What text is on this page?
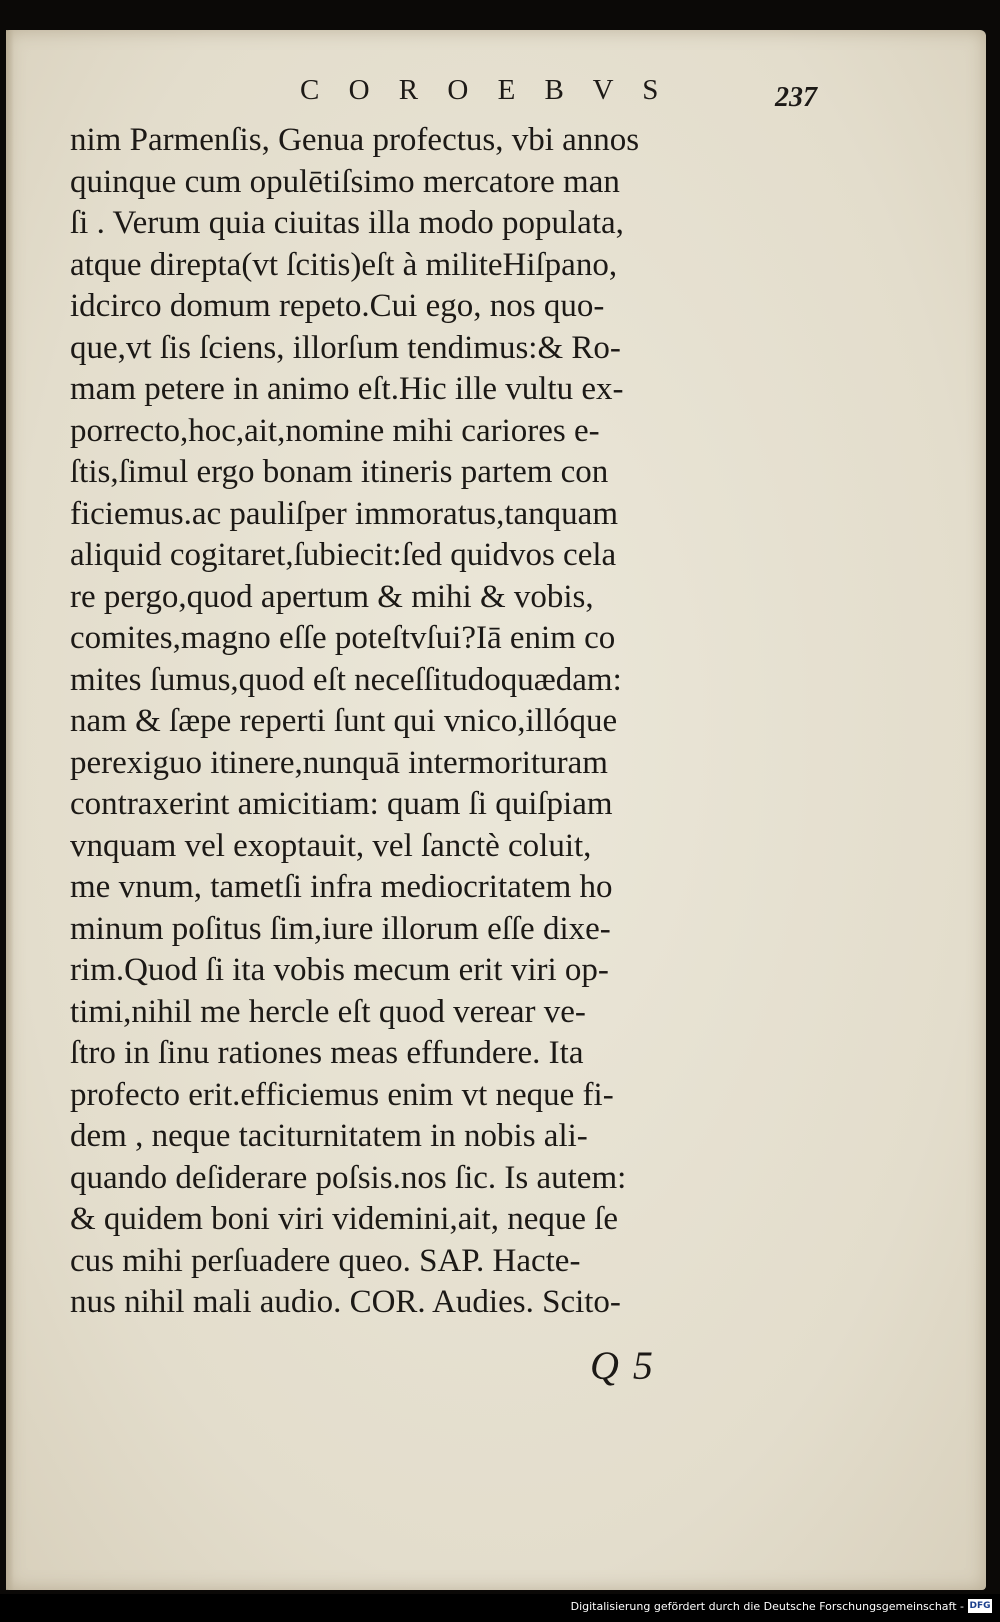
C O R O E B V S	237
nim Parmenſis, Genua profectus, vbi annos
quinque cum opulētiſsimo mercatore man
ſi . Verum quia ciuitas illa modo populata,
atque direpta(vt ſcitis)eſt à militeHiſpano,
idcirco domum repeto.Cui ego, nos quo-
que,vt ſis ſciens, illorſum tendimus:& Ro-
mam petere in animo eſt.Hic ille vultu ex-
porrecto,hoc,ait,nomine mihi cariores e-
ſtis,ſimul ergo bonam itineris partem con
ficiemus.ac pauliſper immoratus,tanquam
aliquid cogitaret,ſubiecit:ſed quidvos cela
re pergo,quod apertum & mihi & vobis,
comites,magno eſſe poteſtvſui?Iā enim co
mites ſumus,quod eſt neceſſitudoquædam:
nam & ſæpe reperti ſunt qui vnico,illóque
perexiguo itinere,nunquā intermorituram
contraxerint amicitiam: quam ſi quiſpiam
vnquam vel exoptauit, vel ſanctè coluit,
me vnum, tametſi infra mediocritatem ho
minum poſitus ſim,iure illorum eſſe dixe-
rim.Quod ſi ita vobis mecum erit viri op-
timi,nihil me hercle eſt quod verear ve-
ſtro in ſinu rationes meas effundere. Ita
profecto erit.efficiemus enim vt neque fi-
dem , neque taciturnitatem in nobis ali-
quando deſiderare poſsis.nos ſic. Is autem:
& quidem boni viri videmini,ait, neque ſe
cus mihi perſuadere queo. SAP. Hacte-
nus nihil mali audio. COR. Audies. Scito-
Q 5
Digitalisierung gefördert durch die Deutsche Forschungsgemeinschaft - DFG
